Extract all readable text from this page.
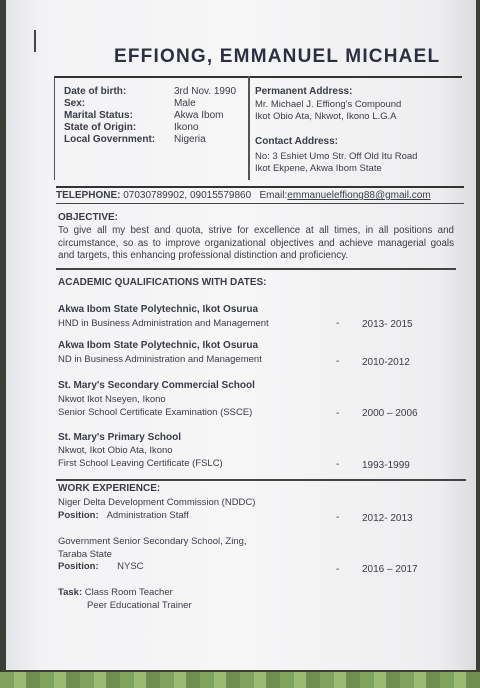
EFFIONG, EMMANUEL MICHAEL
Date of birth:	3rd Nov. 1990
Sex:	Male
Marital Status:	Akwa Ibom
State of Origin:	Ikono
Local Government: Nigeria
Permanent Address:
Mr. Michael J. Effiong's Compound
Ikot Obio Ata, Nkwot, Ikono L.G.A
Contact Address:
No: 3 Eshiet Umo Str. Off Old Itu Road
Ikot Ekpene, Akwa Ibom State
TELEPHONE: 07030789902, 09015579860 Email:emmanueleffiong88@gmail.com
OBJECTIVE:
To give all my best and quota, strive for excellence at all times, in all positions and circumstance, so as to improve organizational objectives and achieve managerial goals and targets, this enhancing professional distinction and proficiency.
ACADEMIC QUALIFICATIONS WITH DATES:
Akwa Ibom State Polytechnic, Ikot Osurua
HND in Business Administration and Management	- 2013- 2015
Akwa Ibom State Polytechnic, Ikot Osurua
ND in Business Administration and Management	- 2010-2012
St. Mary's Secondary Commercial School
Nkwot Ikot Nseyen, Ikono
Senior School Certificate Examination (SSCE)	- 2000 – 2006
St. Mary's Primary School
Nkwot, Ikot Obio Ata, Ikono
First School Leaving Certificate (FSLC)	- 1993-1999
WORK EXPERIENCE:
Niger Delta Development Commission (NDDC)
Position: Administration Staff	- 2012- 2013
Government Senior Secondary School, Zing,
Taraba State
Position: NYSC	- 2016 – 2017
Task: Class Room Teacher
Peer Educational Trainer
